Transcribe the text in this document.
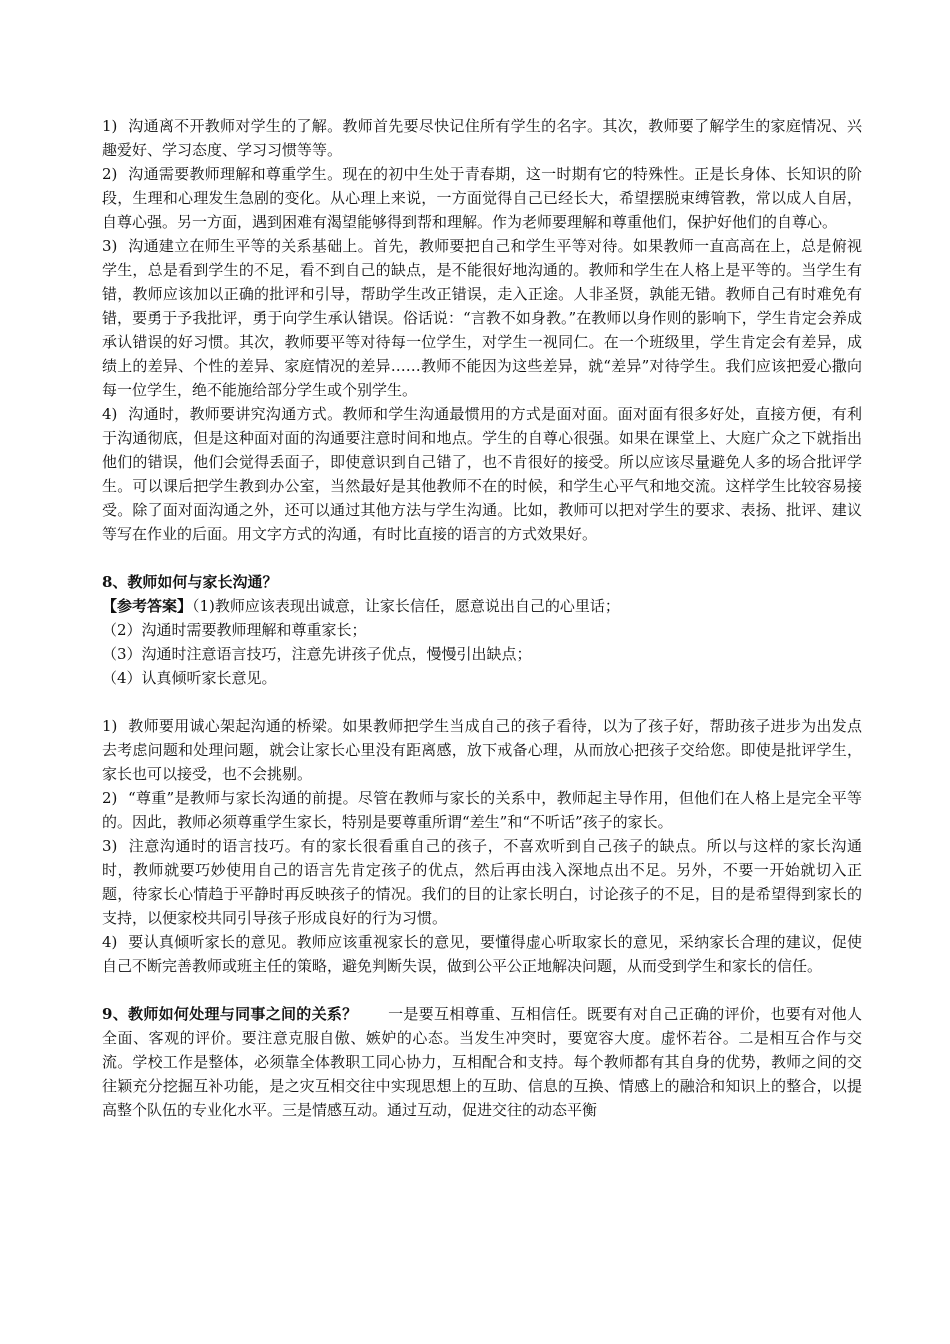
1) 沟通离不开教师对学生的了解。教师首先要尽快记住所有学生的名字。其次，教师要了解学生的家庭情况、兴趣爱好、学习态度、学习习惯等等。

2) 沟通需要教师理解和尊重学生。现在的初中生处于青春期，这一时期有它的特殊性。正是长身体、长知识的阶段，生理和心理发生急剧的变化。从心理上来说，一方面觉得自己已经长大，希望摆脱束缚管教，常以成人自居，自尊心强。另一方面，遇到困难有渴望能够得到帮和理解。作为老师要理解和尊重他们，保护好他们的自尊心。

3) 沟通建立在师生平等的关系基础上。首先，教师要把自己和学生平等对待。如果教师一直高高在上，总是俯视学生，总是看到学生的不足，看不到自己的缺点，是不能很好地沟通的。教师和学生在人格上是平等的。当学生有错，教师应该加以正确的批评和引导，帮助学生改正错误，走入正途。人非圣贤，孰能无错。教师自己有时难免有错，要勇于予我批评，勇于向学生承认错误。俗话说：“言教不如身教。”在教师以身作则的影响下，学生肯定会养成承认错误的好习惯。其次，教师要平等对待每一位学生，对学生一视同仁。在一个班级里，学生肯定会有差异，成绩上的差异、个性的差异、家庭情况的差异……教师不能因为这些差异，就“差异”对待学生。我们应该把爱心撒向每一位学生，绝不能施给部分学生或个别学生。

4) 沟通时，教师要讲究沟通方式。教师和学生沟通最惯用的方式是面对面。面对面有很多好处，直接方便，有利于沟通彻底，但是这种面对面的沟通要注意时间和地点。学生的自尊心很强。如果在课堂上、大庭广众之下就指出他们的错误，他们会觉得丢面子，即使意识到自己错了，也不肯很好的接受。所以应该尽量避免人多的场合批评学生。可以课后把学生教到办公室，当然最好是其他教师不在的时候，和学生心平气和地交流。这样学生比较容易接受。除了面对面沟通之外，还可以通过其他方法与学生沟通。比如，教师可以把对学生的要求、表扬、批评、建议等写在作业的后面。用文字方式的沟通，有时比直接的语言的方式效果好。

8、教师如何与家长沟通？

【参考答案】（1)教师应该表现出诚意，让家长信任，愿意说出自己的心里话；

（2）沟通时需要教师理解和尊重家长；

（3）沟通时注意语言技巧，注意先讲孩子优点，慢慢引出缺点；

（4）认真倾听家长意见。

1) 教师要用诚心架起沟通的桥梁。如果教师把学生当成自己的孩子看待，以为了孩子好，帮助孩子进步为出发点去考虑问题和处理问题，就会让家长心里没有距离感，放下戒备心理，从而放心把孩子交给您。即使是批评学生，家长也可以接受，也不会挑剔。

2) “尊重”是教师与家长沟通的前提。尽管在教师与家长的关系中，教师起主导作用，但他们在人格上是完全平等的。因此，教师必须尊重学生家长，特别是要尊重所谓“差生”和“不听话”孩子的家长。

3) 注意沟通时的语言技巧。有的家长很看重自己的孩子，不喜欢听到自己孩子的缺点。所以与这样的家长沟通时，教师就要巧妙使用自己的语言先肯定孩子的优点，然后再由浅入深地点出不足。另外，不要一开始就切入正题，待家长心情趋于平静时再反映孩子的情况。我们的目的让家长明白，讨论孩子的不足，目的是希望得到家长的支持，以便家校共同引导孩子形成良好的行为习惯。

4) 要认真倾听家长的意见。教师应该重视家长的意见，要懂得虚心听取家长的意见，采纳家长合理的建议，促使自己不断完善教师或班主任的策略，避免判断失误，做到公平公正地解决问题，从而受到学生和家长的信任。

9、教师如何处理与同事之间的关系？　　一是要互相尊重、互相信任。既要有对自己正确的评价，也要有对他人全面、客观的评价。要注意克服自傲、嫉妒的心态。当发生冲突时，要宽容大度。虚怀若谷。二是相互合作与交流。学校工作是整体，必须靠全体教职工同心协力，互相配合和支持。每个教师都有其自身的优势，教师之间的交往颖充分挖掘互补功能，是之灾互相交往中实现思想上的互助、信息的互换、情感上的融洽和知识上的整合，以提高整个队伍的专业化水平。三是情感互动。通过互动，促进交往的动态平衡
